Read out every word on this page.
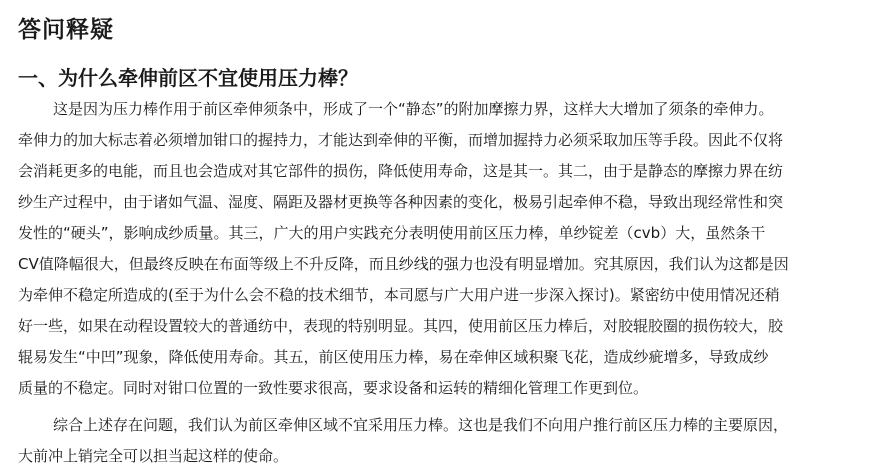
答问释疑
一、为什么牵伸前区不宜使用压力棒？
这是因为压力棒作用于前区牵伸须条中，形成了一个“静态”的附加摩擦力界，这样大大增加了须条的牵伸力。
牵伸力的加大标志着必须增加钳口的握持力，才能达到牵伸的平衡，而增加握持力必须采取加压等手段。因此不仅将
会消耗更多的电能，而且也会造成对其它部件的损伤，降低使用寿命，这是其一。其二，由于是静态的摩擦力界在纺
纱生产过程中，由于诸如气温、湿度、隔距及器材更换等各种因素的变化，极易引起牵伸不稳，导致出现经常性和突
发性的“硬头”，影响成纱质量。其三，广大的用户实践充分表明使用前区压力棒，单纱锭差（cvb）大，虽然条干
CV值降幅很大，但最终反映在布面等级上不升反降，而且纱线的强力也没有明显增加。究其原因，我们认为这都是因
为牵伸不稳定所造成的(至于为什么会不稳的技术细节，本司愿与广大用户进一步深入探讨)。紧密纺中使用情况还稍
好一些，如果在动程设置较大的普通纺中，表现的特别明显。其四，使用前区压力棒后，对胶辊胶圈的损伤较大，胶
辊易发生“中凹”现象，降低使用寿命。其五，前区使用压力棒，易在牵伸区域积聚飞花，造成纱疵增多，导致成纱
质量的不稳定。同时对钳口位置的一致性要求很高，要求设备和运转的精细化管理工作更到位。
综合上述存在问题，我们认为前区牵伸区域不宜采用压力棒。这也是我们不向用户推行前区压力棒的主要原因，
大前冲上销完全可以担当起这样的使命。
